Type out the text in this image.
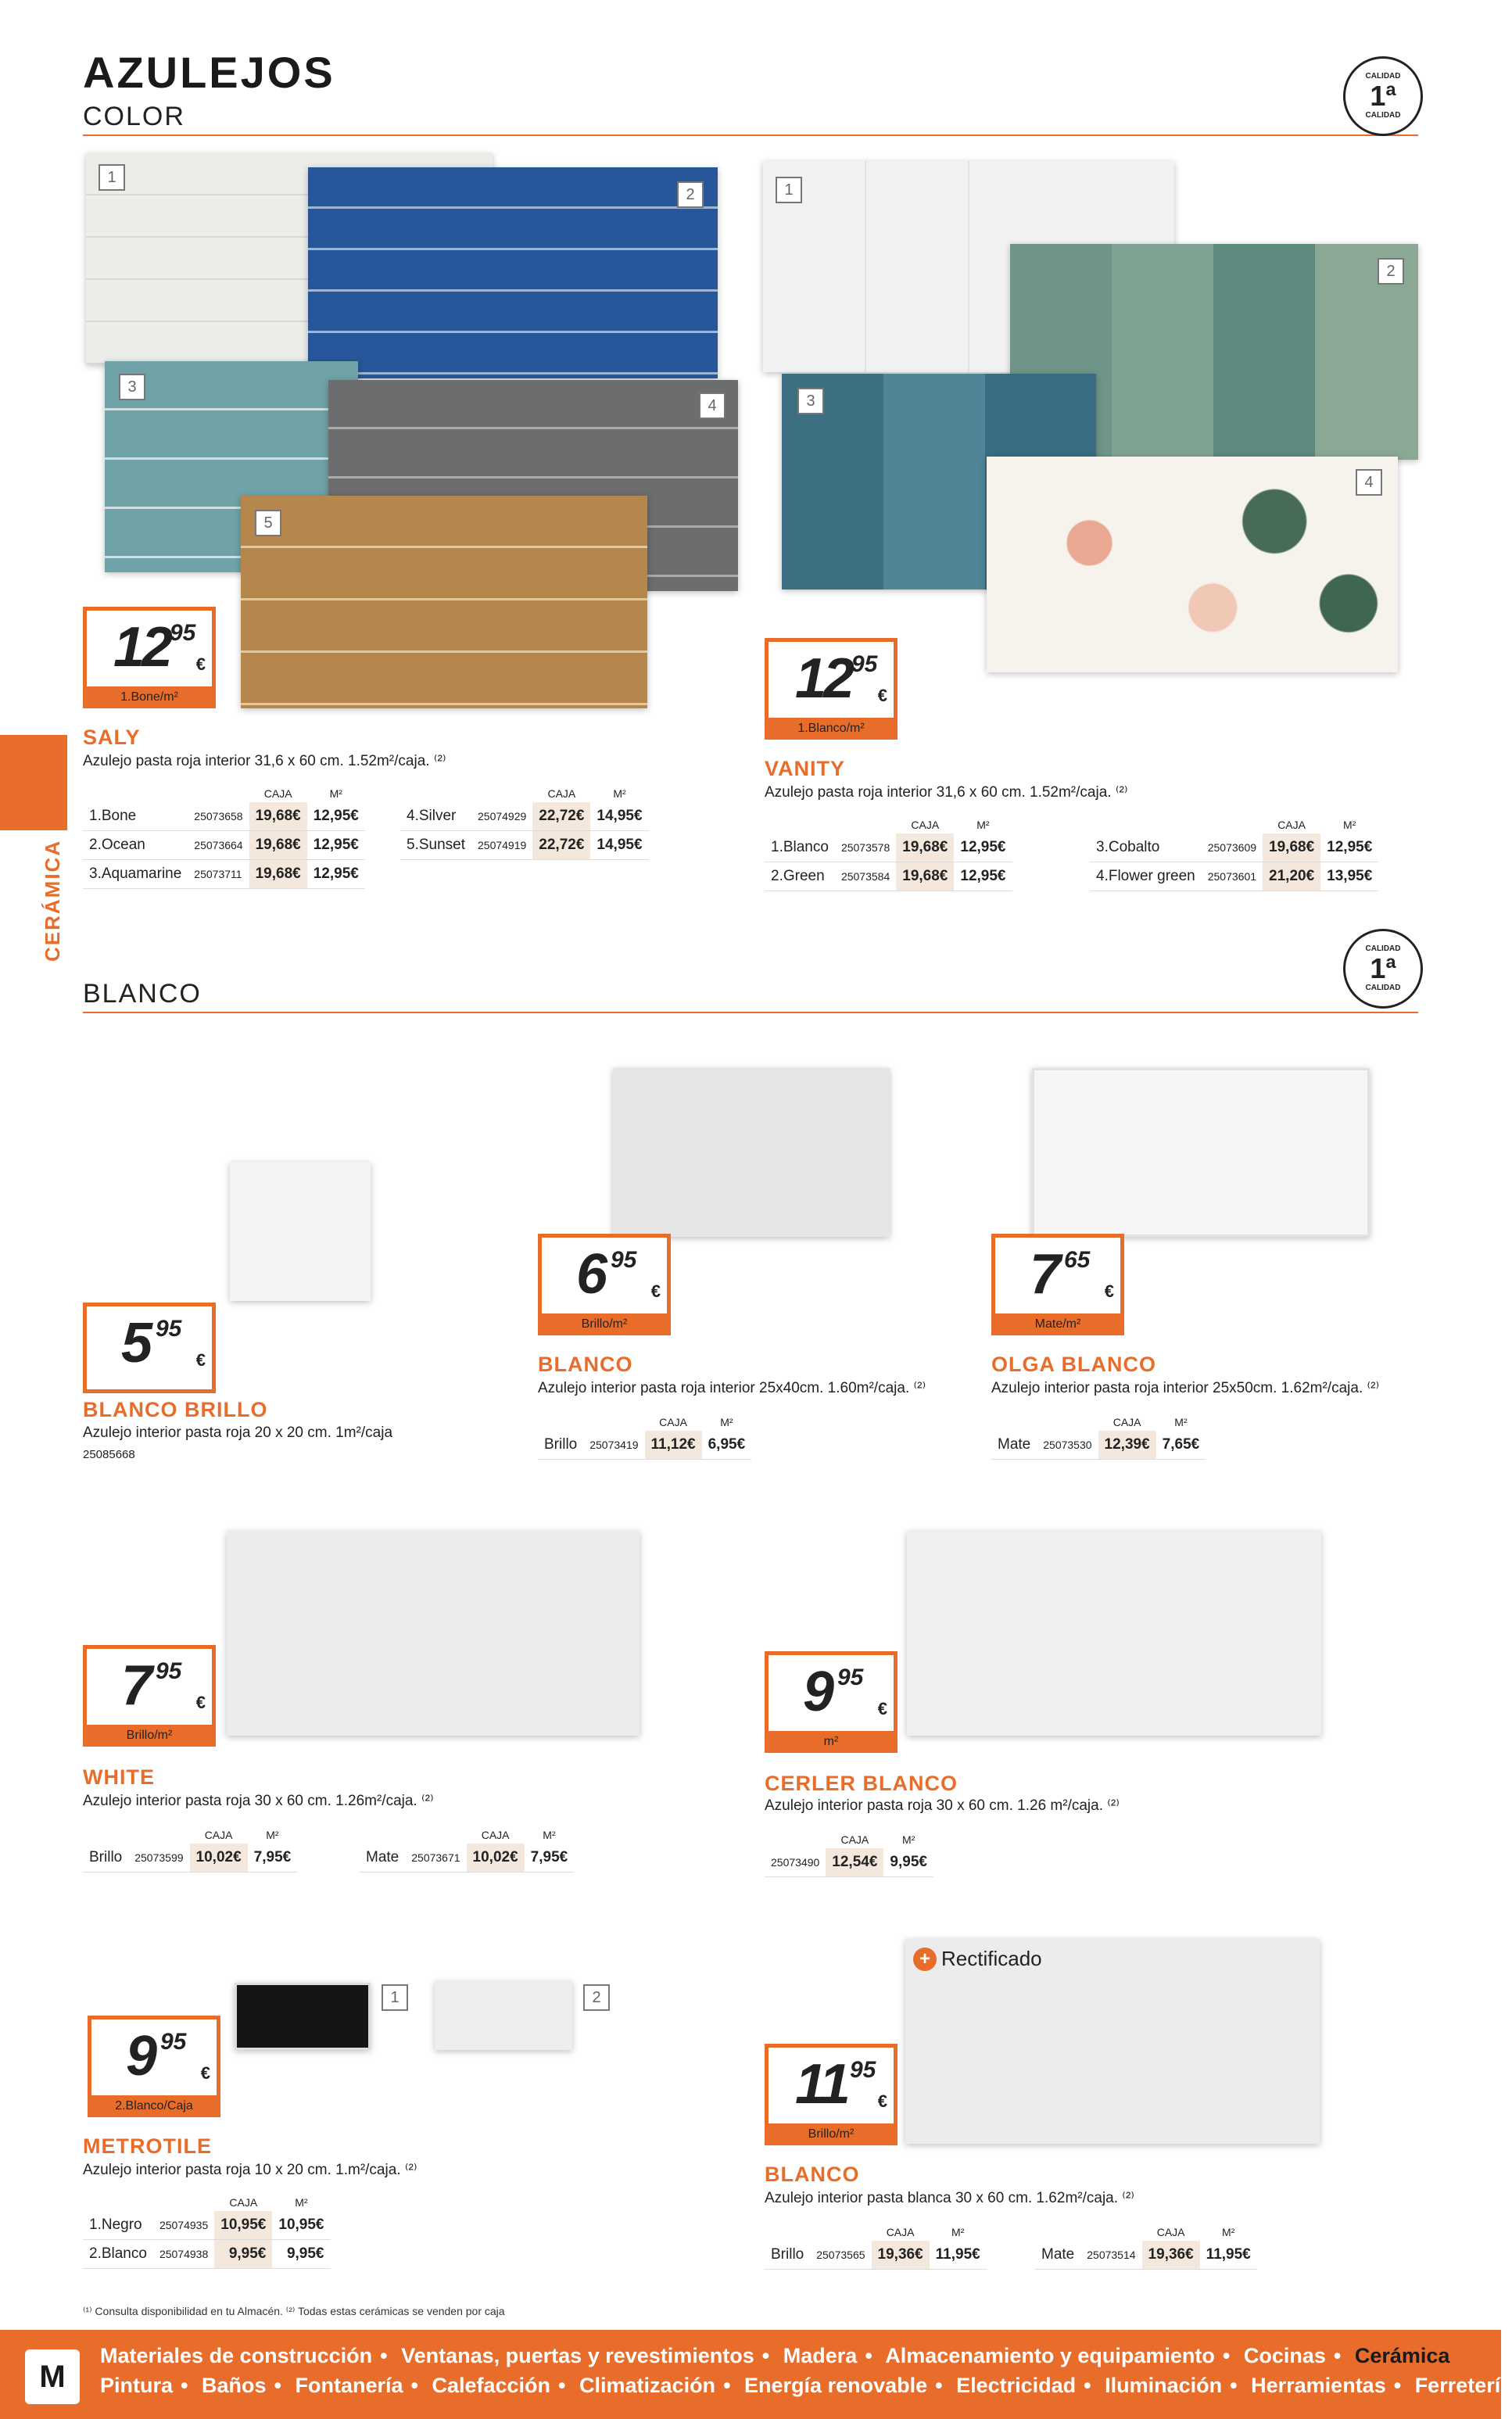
AZULEJOS
COLOR
CALIDAD
1ª
CALIDAD
CERÁMICA
1
2
3
4
5
12 95
€
1.Bone/m²
SALY
Azulejo pasta roja interior 31,6 x 60 cm. 1.52m²/caja. ⁽²⁾
		CAJA	M²
1.Bone	25073658	19,68€	12,95€
2.Ocean	25073664	19,68€	12,95€
3.Aquamarine	25073711	19,68€	12,95€
		CAJA	M²
4.Silver	25074929	22,72€	14,95€
5.Sunset	25074919	22,72€	14,95€
1
2
3
4
12 95
€
1.Blanco/m²
VANITY
Azulejo pasta roja interior 31,6 x 60 cm. 1.52m²/caja. ⁽²⁾
		CAJA	M²
1.Blanco	25073578	19,68€	12,95€
2.Green	25073584	19,68€	12,95€
		CAJA	M²
3.Cobalto	25073609	19,68€	12,95€
4.Flower green	25073601	21,20€	13,95€
BLANCO
CALIDAD
1ª
CALIDAD
5 95
€
BLANCO BRILLO
Azulejo interior pasta roja 20 x 20 cm. 1m²/caja
25085668
6 95
€
Brillo/m²
BLANCO
Azulejo interior pasta roja interior 25x40cm. 1.60m²/caja. ⁽²⁾
		CAJA	M²
Brillo	25073419	11,12€	6,95€
7 65
€
Mate/m²
OLGA BLANCO
Azulejo interior pasta roja interior 25x50cm. 1.62m²/caja. ⁽²⁾
		CAJA	M²
Mate	25073530	12,39€	7,65€
7 95
€
Brillo/m²
WHITE
Azulejo interior pasta roja 30 x 60 cm. 1.26m²/caja. ⁽²⁾
		CAJA	M²
Brillo	25073599	10,02€	7,95€
		CAJA	M²
Mate	25073671	10,02€	7,95€
9 95
€
m²
CERLER BLANCO
Azulejo interior pasta roja 30 x 60 cm. 1.26 m²/caja. ⁽²⁾
	CAJA	M²
25073490	12,54€	9,95€
1	2
9 95
€
2.Blanco/Caja
METROTILE
Azulejo interior pasta roja 10 x 20 cm. 1.m²/caja. ⁽²⁾
		CAJA	M²
1.Negro	25074935	10,95€	10,95€
2.Blanco	25074938	9,95€	9,95€
+ Rectificado
11 95
€
Brillo/m²
BLANCO
Azulejo interior pasta blanca 30 x 60 cm. 1.62m²/caja. ⁽²⁾
		CAJA	M²
Brillo	25073565	19,36€	11,95€
		CAJA	M²
Mate	25073514	19,36€	11,95€
⁽¹⁾ Consulta disponibilidad en tu Almacén. ⁽²⁾ Todas estas cerámicas se venden por caja
M
Materiales de construcción • Ventanas, puertas y revestimientos • Madera • Almacenamiento y equipamiento • Cocinas • Cerámica
Pintura • Baños • Fontanería • Calefacción • Climatización • Energía renovable • Electricidad • Iluminación • Herramientas • Ferretería
